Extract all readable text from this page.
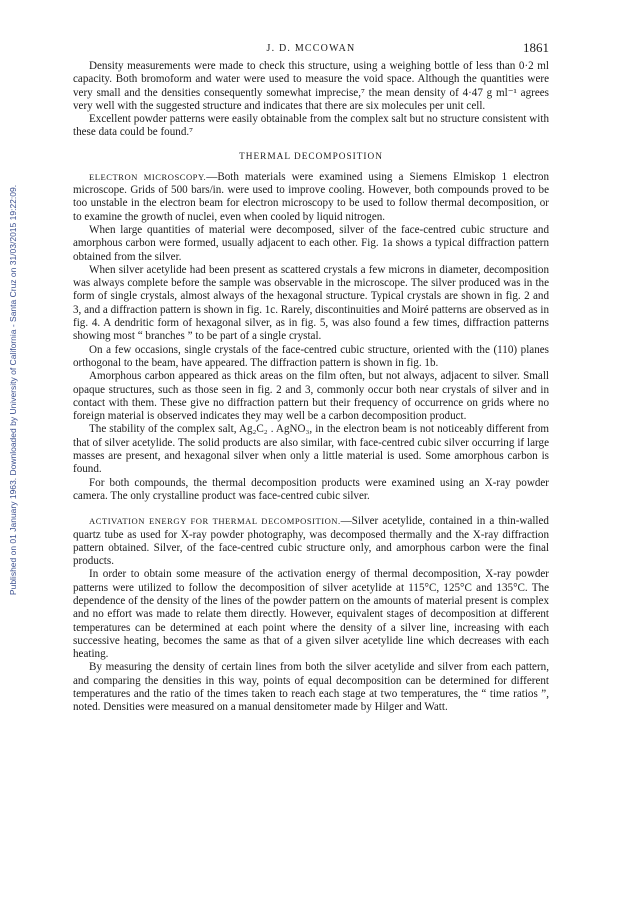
Published on 01 January 1963. Downloaded by University of California - Santa Cruz on 31/03/2015 19:22:09.
J. D. MCCOWAN	1861

Density measurements were made to check this structure, using a weighing bottle of less than 0·2 ml capacity. Both bromoform and water were used to measure the void space. Although the quantities were very small and the densities consequently somewhat imprecise,⁷ the mean density of 4·47 g ml⁻¹ agrees very well with the suggested structure and indicates that there are six molecules per unit cell.

Excellent powder patterns were easily obtainable from the complex salt but no structure consistent with these data could be found.⁷

THERMAL DECOMPOSITION

ELECTRON MICROSCOPY.—Both materials were examined using a Siemens Elmiskop 1 electron microscope. Grids of 500 bars/in. were used to improve cooling. However, both compounds proved to be too unstable in the electron beam for electron microscopy to be used to follow thermal decomposition, or to examine the growth of nuclei, even when cooled by liquid nitrogen.

When large quantities of material were decomposed, silver of the face-centred cubic structure and amorphous carbon were formed, usually adjacent to each other. Fig. 1a shows a typical diffraction pattern obtained from the silver.

When silver acetylide had been present as scattered crystals a few microns in diameter, decomposition was always complete before the sample was observable in the microscope. The silver produced was in the form of single crystals, almost always of the hexagonal structure. Typical crystals are shown in fig. 2 and 3, and a diffraction pattern is shown in fig. 1c. Rarely, discontinuities and Moiré patterns are observed as in fig. 4. A dendritic form of hexagonal silver, as in fig. 5, was also found a few times, diffraction patterns showing most “ branches ” to be part of a single crystal.

On a few occasions, single crystals of the face-centred cubic structure, oriented with the (110) planes orthogonal to the beam, have appeared. The diffraction pattern is shown in fig. 1b.

Amorphous carbon appeared as thick areas on the film often, but not always, adjacent to silver. Small opaque structures, such as those seen in fig. 2 and 3, commonly occur both near crystals of silver and in contact with them. These give no diffraction pattern but their frequency of occurrence on grids where no foreign material is observed indicates they may well be a carbon decomposition product.

The stability of the complex salt, Ag₂C₂ . AgNO₃, in the electron beam is not noticeably different from that of silver acetylide. The solid products are also similar, with face-centred cubic silver occurring if large masses are present, and hexagonal silver when only a little material is used. Some amorphous carbon is found.

For both compounds, the thermal decomposition products were examined using an X-ray powder camera. The only crystalline product was face-centred cubic silver.

ACTIVATION ENERGY FOR THERMAL DECOMPOSITION.—Silver acetylide, contained in a thin-walled quartz tube as used for X-ray powder photography, was decomposed thermally and the X-ray diffraction pattern obtained. Silver, of the face-centred cubic structure only, and amorphous carbon were the final products.

In order to obtain some measure of the activation energy of thermal decomposition, X-ray powder patterns were utilized to follow the decomposition of silver acetylide at 115°C, 125°C and 135°C. The dependence of the density of the lines of the powder pattern on the amounts of material present is complex and no effort was made to relate them directly. However, equivalent stages of decomposition at different temperatures can be determined at each point where the density of a silver line, increasing with each successive heating, becomes the same as that of a given silver acetylide line which decreases with each heating.

By measuring the density of certain lines from both the silver acetylide and silver from each pattern, and comparing the densities in this way, points of equal decomposition can be determined for different temperatures and the ratio of the times taken to reach each stage at two temperatures, the “ time ratios ”, noted. Densities were measured on a manual densitometer made by Hilger and Watt.
